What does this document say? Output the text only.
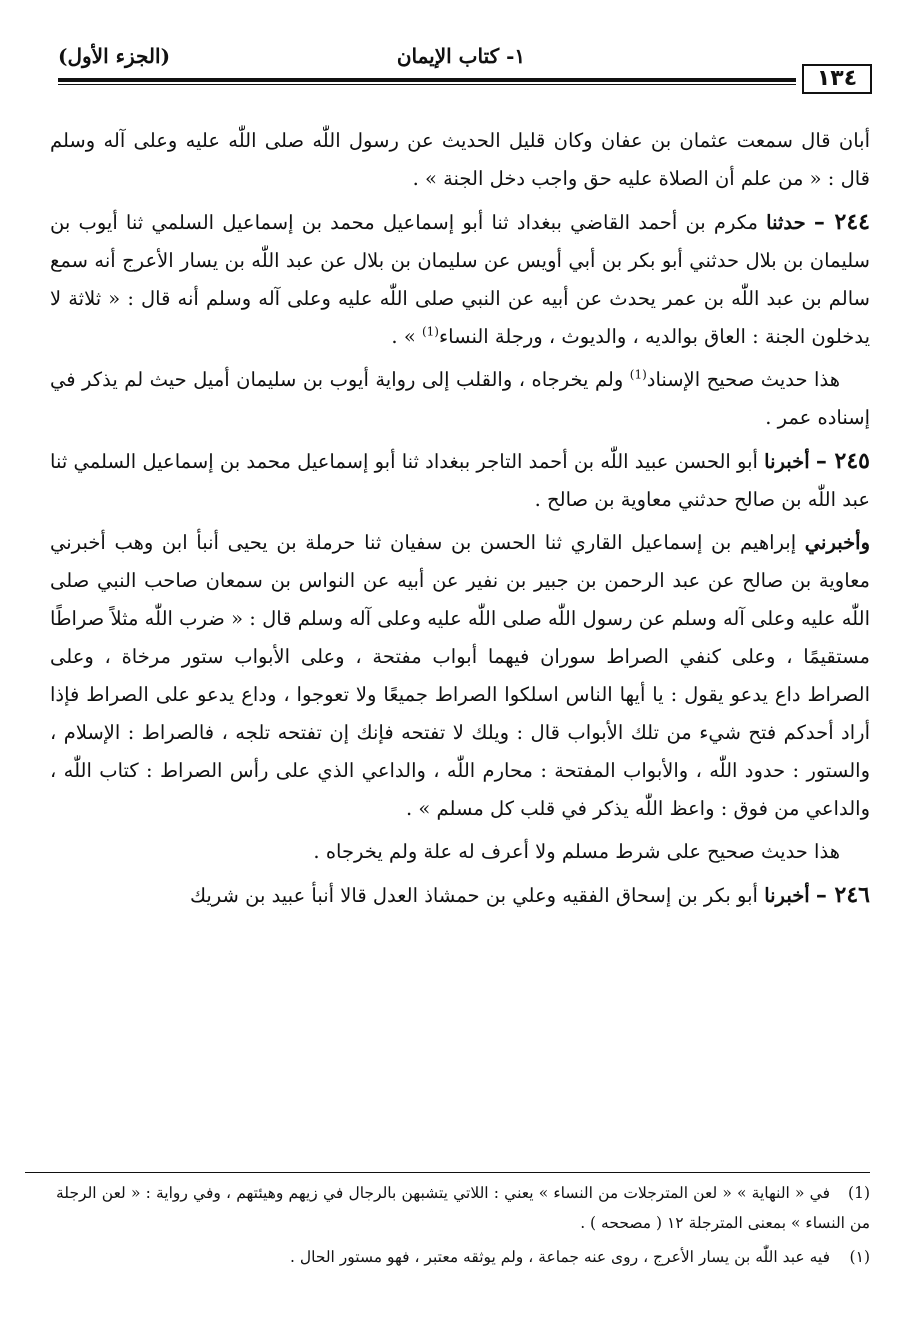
(الجزء الأول)	١- كتاب الإيمان
١٣٤

أبان قال سمعت عثمان بن عفان وكان قليل الحديث عن رسول اللّٰه صلى اللّٰه عليه وعلى آله وسلم قال : « من علم أن الصلاة عليه حق واجب دخل الجنة » .

٢٤٤ – حدثنا مكرم بن أحمد القاضي ببغداد ثنا أبو إسماعيل محمد بن إسماعيل السلمي ثنا أيوب بن سليمان بن بلال حدثني أبو بكر بن أبي أويس عن سليمان بن بلال عن عبد اللّٰه بن يسار الأعرج أنه سمع سالم بن عبد اللّٰه بن عمر يحدث عن أبيه عن النبي صلى اللّٰه عليه وعلى آله وسلم أنه قال : « ثلاثة لا يدخلون الجنة : العاق بوالديه ، والديوث ، ورجلة النساء$^{(1)}$ » .

هذا حديث صحيح الإسناد$^{(1)}$ ولم يخرجاه ، والقلب إلى رواية أيوب بن سليمان أميل حيث لم يذكر في إسناده عمر .

٢٤٥ – أخبرنا أبو الحسن عبيد اللّٰه بن أحمد التاجر ببغداد ثنا أبو إسماعيل محمد بن إسماعيل السلمي ثنا عبد اللّٰه بن صالح حدثني معاوية بن صالح .

وأخبرني إبراهيم بن إسماعيل القاري ثنا الحسن بن سفيان ثنا حرملة بن يحيى أنبأ ابن وهب أخبرني معاوية بن صالح عن عبد الرحمن بن جبير بن نفير عن أبيه عن النواس بن سمعان صاحب النبي صلى اللّٰه عليه وعلى آله وسلم عن رسول اللّٰه صلى اللّٰه عليه وعلى آله وسلم قال : « ضرب اللّٰه مثلاً صراطًا مستقيمًا ، وعلى كنفي الصراط سوران فيهما أبواب مفتحة ، وعلى الأبواب ستور مرخاة ، وعلى الصراط داع يدعو يقول : يا أيها الناس اسلكوا الصراط جميعًا ولا تعوجوا ، وداع يدعو على الصراط فإذا أراد أحدكم فتح شيء من تلك الأبواب قال : ويلك لا تفتحه فإنك إن تفتحه تلجه ، فالصراط : الإسلام ، والستور : حدود اللّٰه ، والأبواب المفتحة : محارم اللّٰه ، والداعي الذي على رأس الصراط : كتاب اللّٰه ، والداعي من فوق : واعظ اللّٰه يذكر في قلب كل مسلم » .

هذا حديث صحيح على شرط مسلم ولا أعرف له علة ولم يخرجاه .

٢٤٦ – أخبرنا أبو بكر بن إسحاق الفقيه وعلي بن حمشاذ العدل قالا أنبأ عبيد بن شريك

(1)في « النهاية » « لعن المترجلات من النساء » يعني : اللاتي يتشبهن بالرجال في زيهم وهيئتهم ، وفي رواية : « لعن الرجلة من النساء » بمعنى المترجلة ١٢ ( مصححه ) .

(١)فيه عبد اللّٰه بن يسار الأعرج ، روى عنه جماعة ، ولم يوثقه معتبر ، فهو مستور الحال .
